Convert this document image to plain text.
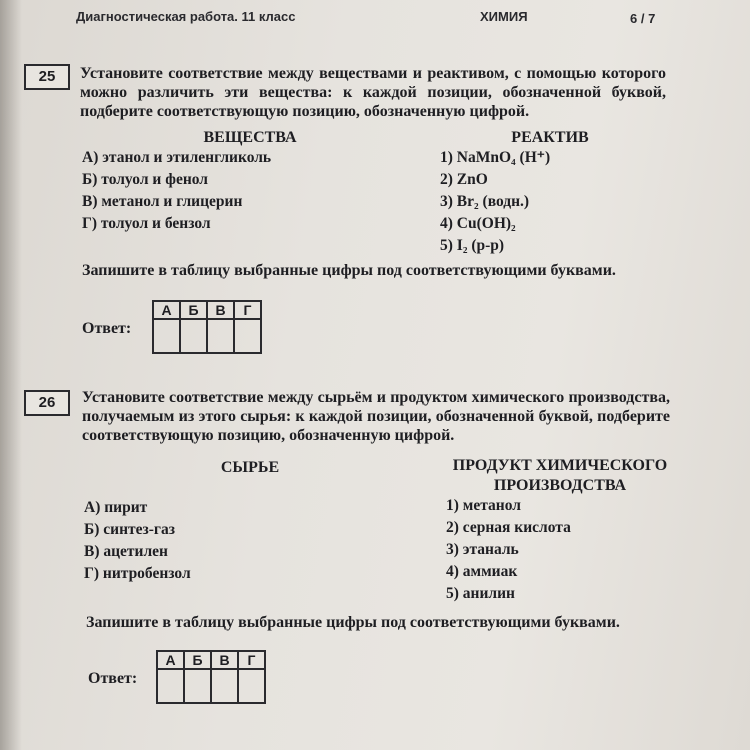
Диагностическая работа. 11 класс	ХИМИЯ	6 / 7
25	Установите соответствие между веществами и реактивом, с помощью которого можно различить эти вещества: к каждой позиции, обозначенной буквой, подберите соответствующую позицию, обозначенную цифрой.
ВЕЩЕСТВА	РЕАКТИВ
А) этанол и этиленгликоль
Б) толуол и фенол
В) метанол и глицерин
Г) толуол и бензол
1) NaMnO₄ (H⁺)
2) ZnO
3) Br₂ (водн.)
4) Cu(OH)₂
5) I₂ (р-р)
Запишите в таблицу выбранные цифры под соответствующими буквами.
Ответ:
А	Б	В	Г

26	Установите соответствие между сырьём и продуктом химического производства, получаемым из этого сырья: к каждой позиции, обозначенной буквой, подберите соответствующую позицию, обозначенную цифрой.
СЫРЬЕ	ПРОДУКТ ХИМИЧЕСКОГО
ПРОИЗВОДСТВА
А) пирит
Б) синтез-газ
В) ацетилен
Г) нитробензол
1) метанол
2) серная кислота
3) этаналь
4) аммиак
5) анилин
Запишите в таблицу выбранные цифры под соответствующими буквами.
Ответ:
А	Б	В	Г
